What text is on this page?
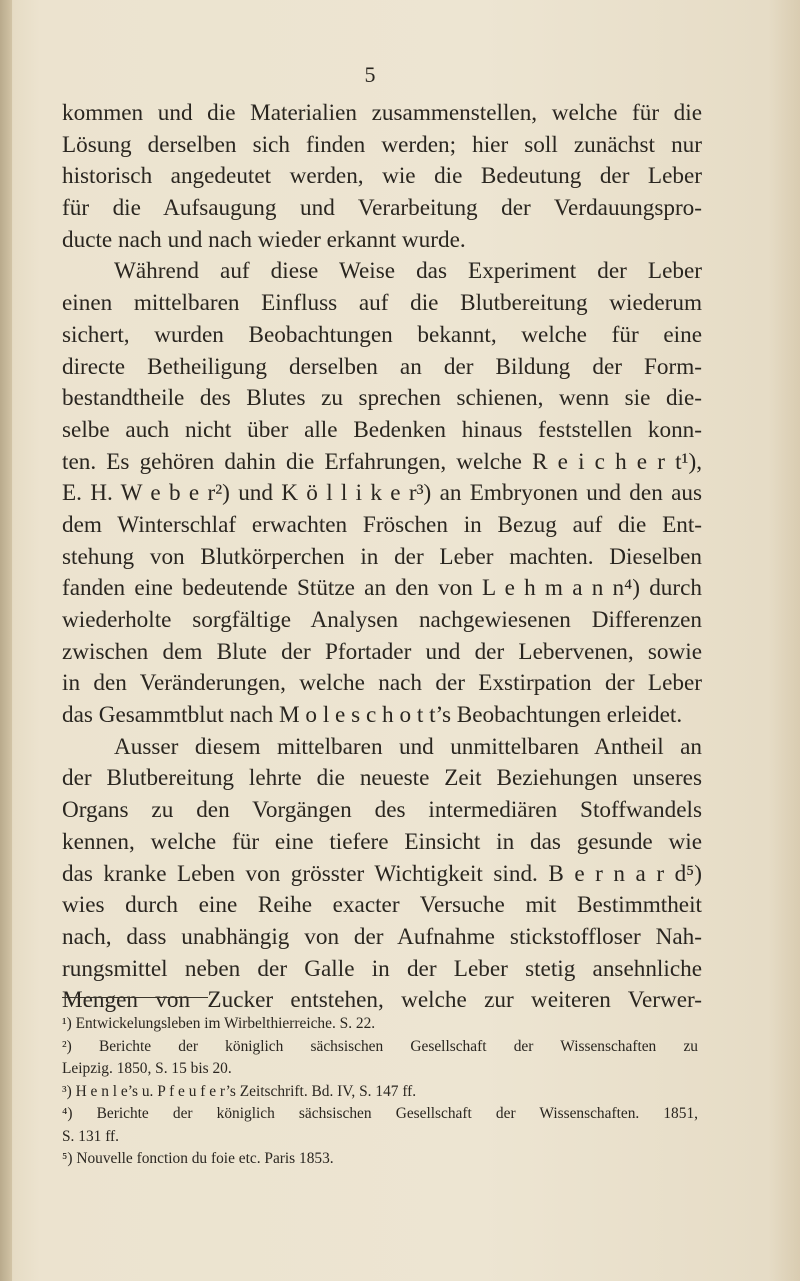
5
kommen und die Materialien zusammenstellen, welche für die
Lösung derselben sich finden werden; hier soll zunächst nur
historisch angedeutet werden, wie die Bedeutung der Leber
für die Aufsaugung und Verarbeitung der Verdauungspro-
ducte nach und nach wieder erkannt wurde.
Während auf diese Weise das Experiment der Leber
einen mittelbaren Einfluss auf die Blutbereitung wiederum
sichert, wurden Beobachtungen bekannt, welche für eine
directe Betheiligung derselben an der Bildung der Form-
bestandtheile des Blutes zu sprechen schienen, wenn sie die-
selbe auch nicht über alle Bedenken hinaus feststellen konn-
ten. Es gehören dahin die Erfahrungen, welche R e i c h e r t¹),
E. H. W e b e r²) und K ö l l i k e r³) an Embryonen und den aus
dem Winterschlaf erwachten Fröschen in Bezug auf die Ent-
stehung von Blutkörperchen in der Leber machten. Dieselben
fanden eine bedeutende Stütze an den von L e h m a n n⁴) durch
wiederholte sorgfältige Analysen nachgewiesenen Differenzen
zwischen dem Blute der Pfortader und der Lebervenen, sowie
in den Veränderungen, welche nach der Exstirpation der Leber
das Gesammtblut nach M o l e s c h o t t’s Beobachtungen erleidet.
Ausser diesem mittelbaren und unmittelbaren Antheil an
der Blutbereitung lehrte die neueste Zeit Beziehungen unseres
Organs zu den Vorgängen des intermediären Stoffwandels
kennen, welche für eine tiefere Einsicht in das gesunde wie
das kranke Leben von grösster Wichtigkeit sind. B e r n a r d⁵)
wies durch eine Reihe exacter Versuche mit Bestimmtheit
nach, dass unabhängig von der Aufnahme stickstoffloser Nah-
rungsmittel neben der Galle in der Leber stetig ansehnliche
Mengen von Zucker entstehen, welche zur weiteren Verwer-
¹) Entwickelungsleben im Wirbelthierreiche. S. 22.
²) Berichte der königlich sächsischen Gesellschaft der Wissenschaften zu
Leipzig. 1850, S. 15 bis 20.
³) H e n l e’s u. P f e u f e r’s Zeitschrift. Bd. IV, S. 147 ff.
⁴) Berichte der königlich sächsischen Gesellschaft der Wissenschaften. 1851,
S. 131 ff.
⁵) Nouvelle fonction du foie etc. Paris 1853.
